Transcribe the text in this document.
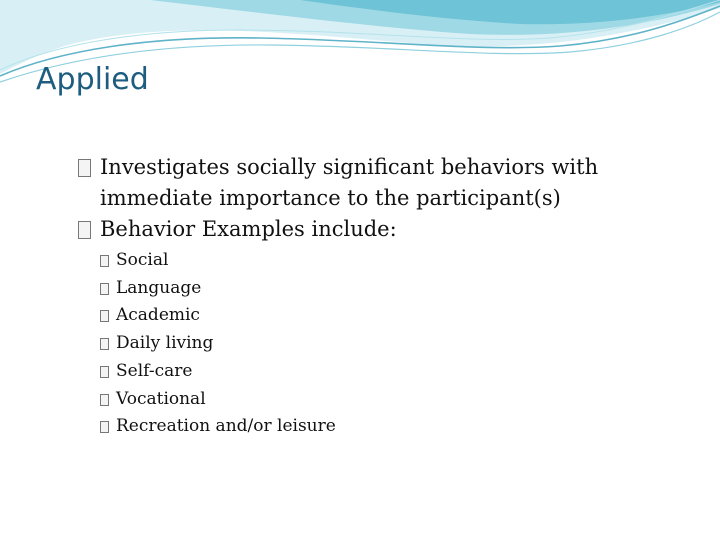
Applied

Investigates socially significant behaviors with immediate importance to the participant(s)

Behavior Examples include:

Social
Language
Academic
Daily living
Self-care
Vocational
Recreation and/or leisure
